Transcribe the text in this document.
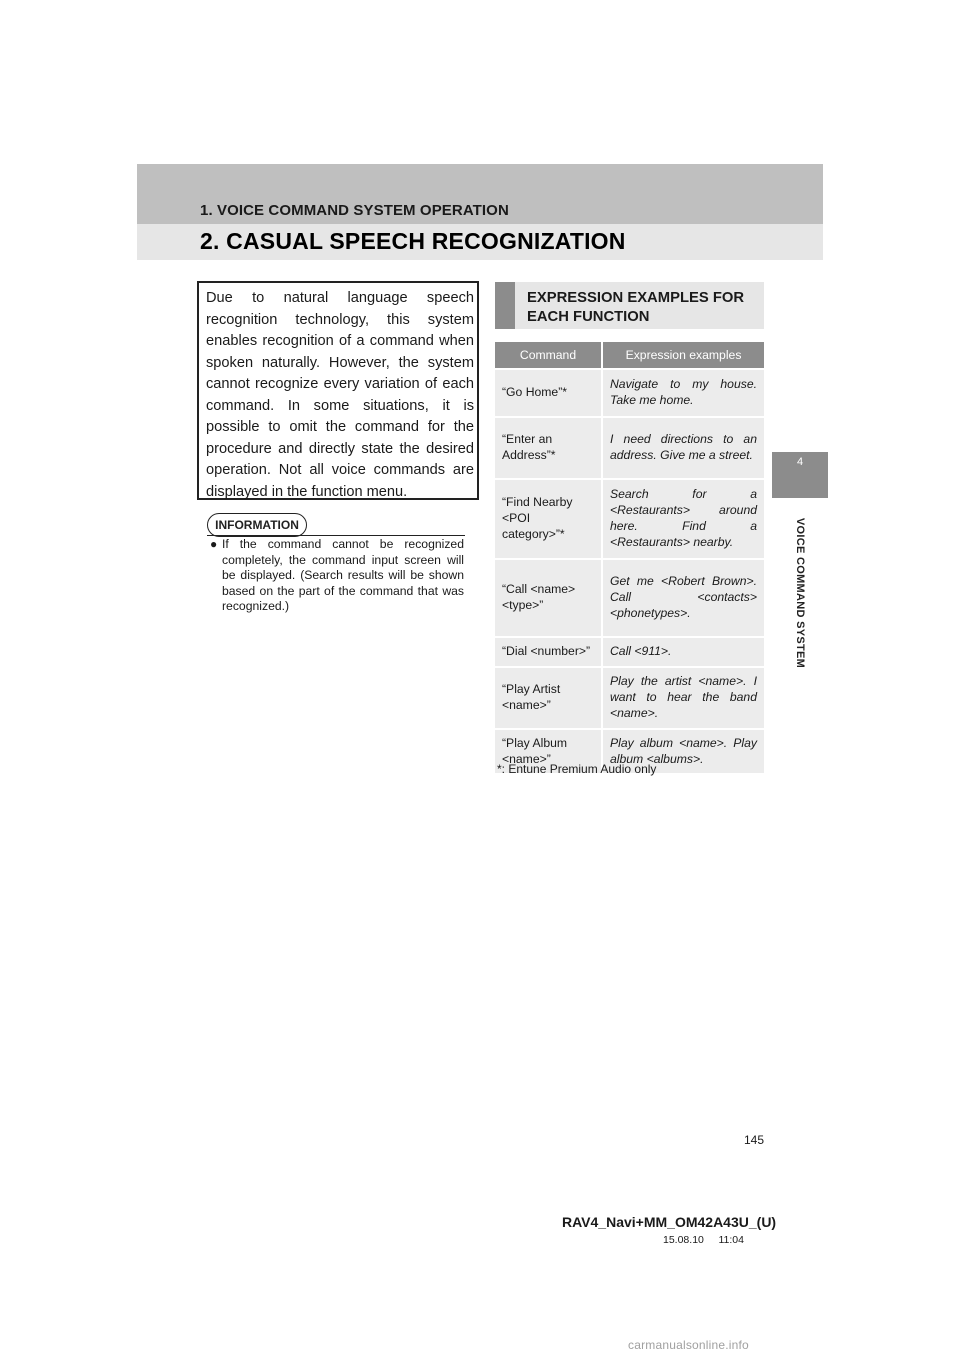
1. VOICE COMMAND SYSTEM OPERATION
2. CASUAL SPEECH RECOGNIZATION
4
VOICE COMMAND SYSTEM
Due to natural language speech recognition technology, this system enables recognition of a command when spoken naturally. However, the system cannot recognize every variation of each command. In some situations, it is possible to omit the command for the procedure and directly state the desired operation. Not all voice commands are displayed in the function menu.
INFORMATION
● If the command cannot be recognized completely, the command input screen will be displayed. (Search results will be shown based on the part of the command that was recognized.)
EXPRESSION EXAMPLES FOR EACH FUNCTION
Command	Expression examples
“Go Home”*	Navigate to my house. Take me home.
“Enter an Address”*	I need directions to an address. Give me a street.
“Find Nearby <POI category>”*	Search for a <Restaurants> around here. Find a <Restaurants> nearby.
“Call <name> <type>”	Get me <Robert Brown>. Call <contacts> <phonetypes>.
“Dial <number>”	Call <911>.
“Play Artist <name>”	Play the artist <name>. I want to hear the band <name>.
“Play Album <name>”	Play album <name>. Play album <albums>.
*: Entune Premium Audio only
145
RAV4_Navi+MM_OM42A43U_(U)
15.08.10     11:04
carmanualsonline.info
